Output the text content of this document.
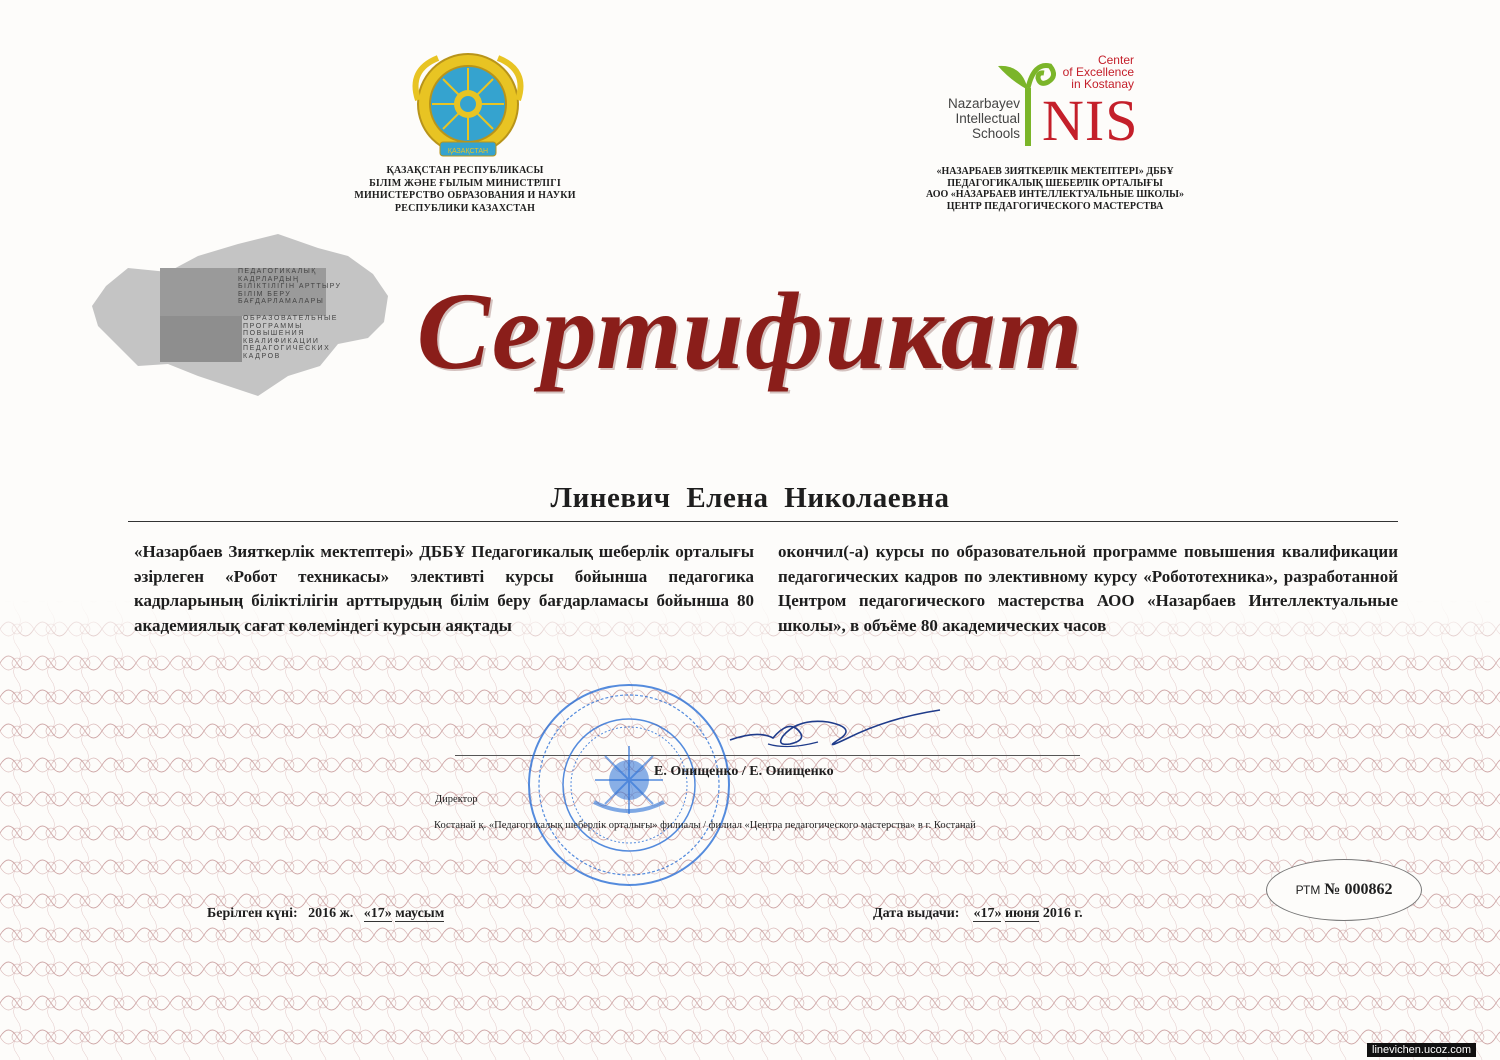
ҚАЗАҚСТАН
ҚАЗАҚСТАН РЕСПУБЛИКАСЫ
БІЛІМ ЖӘНЕ ҒЫЛЫМ МИНИСТРЛІГІ
МИНИСТЕРСТВО ОБРАЗОВАНИЯ И НАУКИ
РЕСПУБЛИКИ КАЗАХСТАН
Center
of Excellence
in Kostanay
Nazarbayev
Intellectual
Schools NIS
«НАЗАРБАЕВ ЗИЯТКЕРЛІК МЕКТЕПТЕРІ» ДББҰ
ПЕДАГОГИКАЛЫҚ ШЕБЕРЛІК ОРТАЛЫҒЫ
АОО «НАЗАРБАЕВ ИНТЕЛЛЕКТУАЛЬНЫЕ ШКОЛЫ»
ЦЕНТР ПЕДАГОГИЧЕСКОГО МАСТЕРСТВА
ПЕДАГОГИКАЛЫҚ
КАДРЛАРДЫҢ
БІЛІКТІЛІГІН АРТТЫРУ
БІЛІМ БЕРУ
БАҒДАРЛАМАЛАРЫ
ОБРАЗОВАТЕЛЬНЫЕ
ПРОГРАММЫ
ПОВЫШЕНИЯ
КВАЛИФИКАЦИИ
ПЕДАГОГИЧЕСКИХ
КАДРОВ	Сертификат
Линевич Елена Николаевна
«Назарбаев Зияткерлік мектептері» ДББҰ Педагогикалық шеберлік орталығы әзірлеген «Робот техникасы» элективті курсы бойынша педагогика кадрларының біліктілігін арттырудың білім беру бағдарламасы бойынша 80 академиялық сағат көлеміндегі курсын аяқтады
окончил(-а) курсы по образовательной программе повышения квалификации педагогических кадров по элективному курсу «Робототехника», разработанной Центром педагогического мастерства АОО «Назарбаев Интеллектуальные школы», в объёме 80 академических часов
Е. Онищенко / Е. Онищенко
Директор
Костанай қ. «Педагогикалық шеберлік орталығы» филиалы / филиал «Центра педагогического мастерства» в г. Костанай
Берілген күні: 2016 ж. «17» маусым	Дата выдачи: «17» июня 2016 г.
РТМ № 000862
linevichen.ucoz.com
